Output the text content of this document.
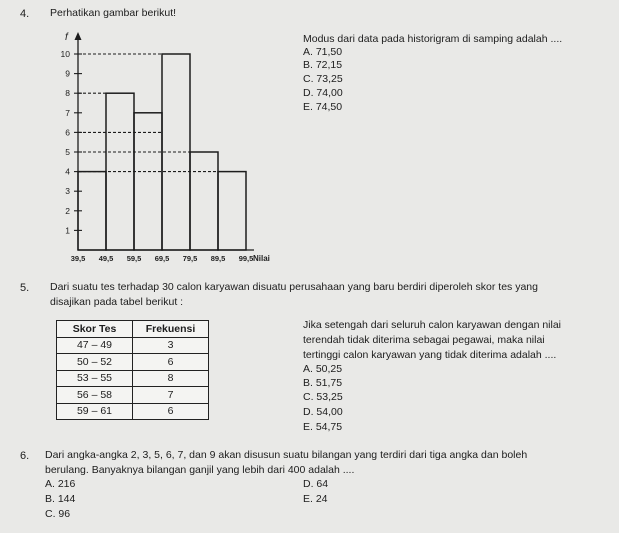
4. Perhatikan gambar berikut!
f
Nilai
1
2
3
4
5
6
7
8
9
10
39,5 49,5 59,5 69,5 79,5 89,5 99,5
Modus dari data pada historigram di samping adalah ....
A. 71,50
B. 72,15
C. 73,25
D. 74,00
E. 74,50
5. Dari suatu tes terhadap 30 calon karyawan disuatu perusahaan yang baru berdiri diperoleh skor tes yang
disajikan pada tabel berikut :
Skor Tes	Frekuensi
47 – 49	3
50 – 52	6
53 – 55	8
56 – 58	7
59 – 61	6
Jika setengah dari seluruh calon karyawan dengan nilai
terendah tidak diterima sebagai pegawai, maka nilai
tertinggi calon karyawan yang tidak diterima adalah ....
A. 50,25
B. 51,75
C. 53,25
D. 54,00
E. 54,75
6. Dari angka-angka 2, 3, 5, 6, 7, dan 9 akan disusun suatu bilangan yang terdiri dari tiga angka dan boleh
berulang. Banyaknya bilangan ganjil yang lebih dari 400 adalah ....
A. 216
B. 144
C. 96
D. 64
E. 24
